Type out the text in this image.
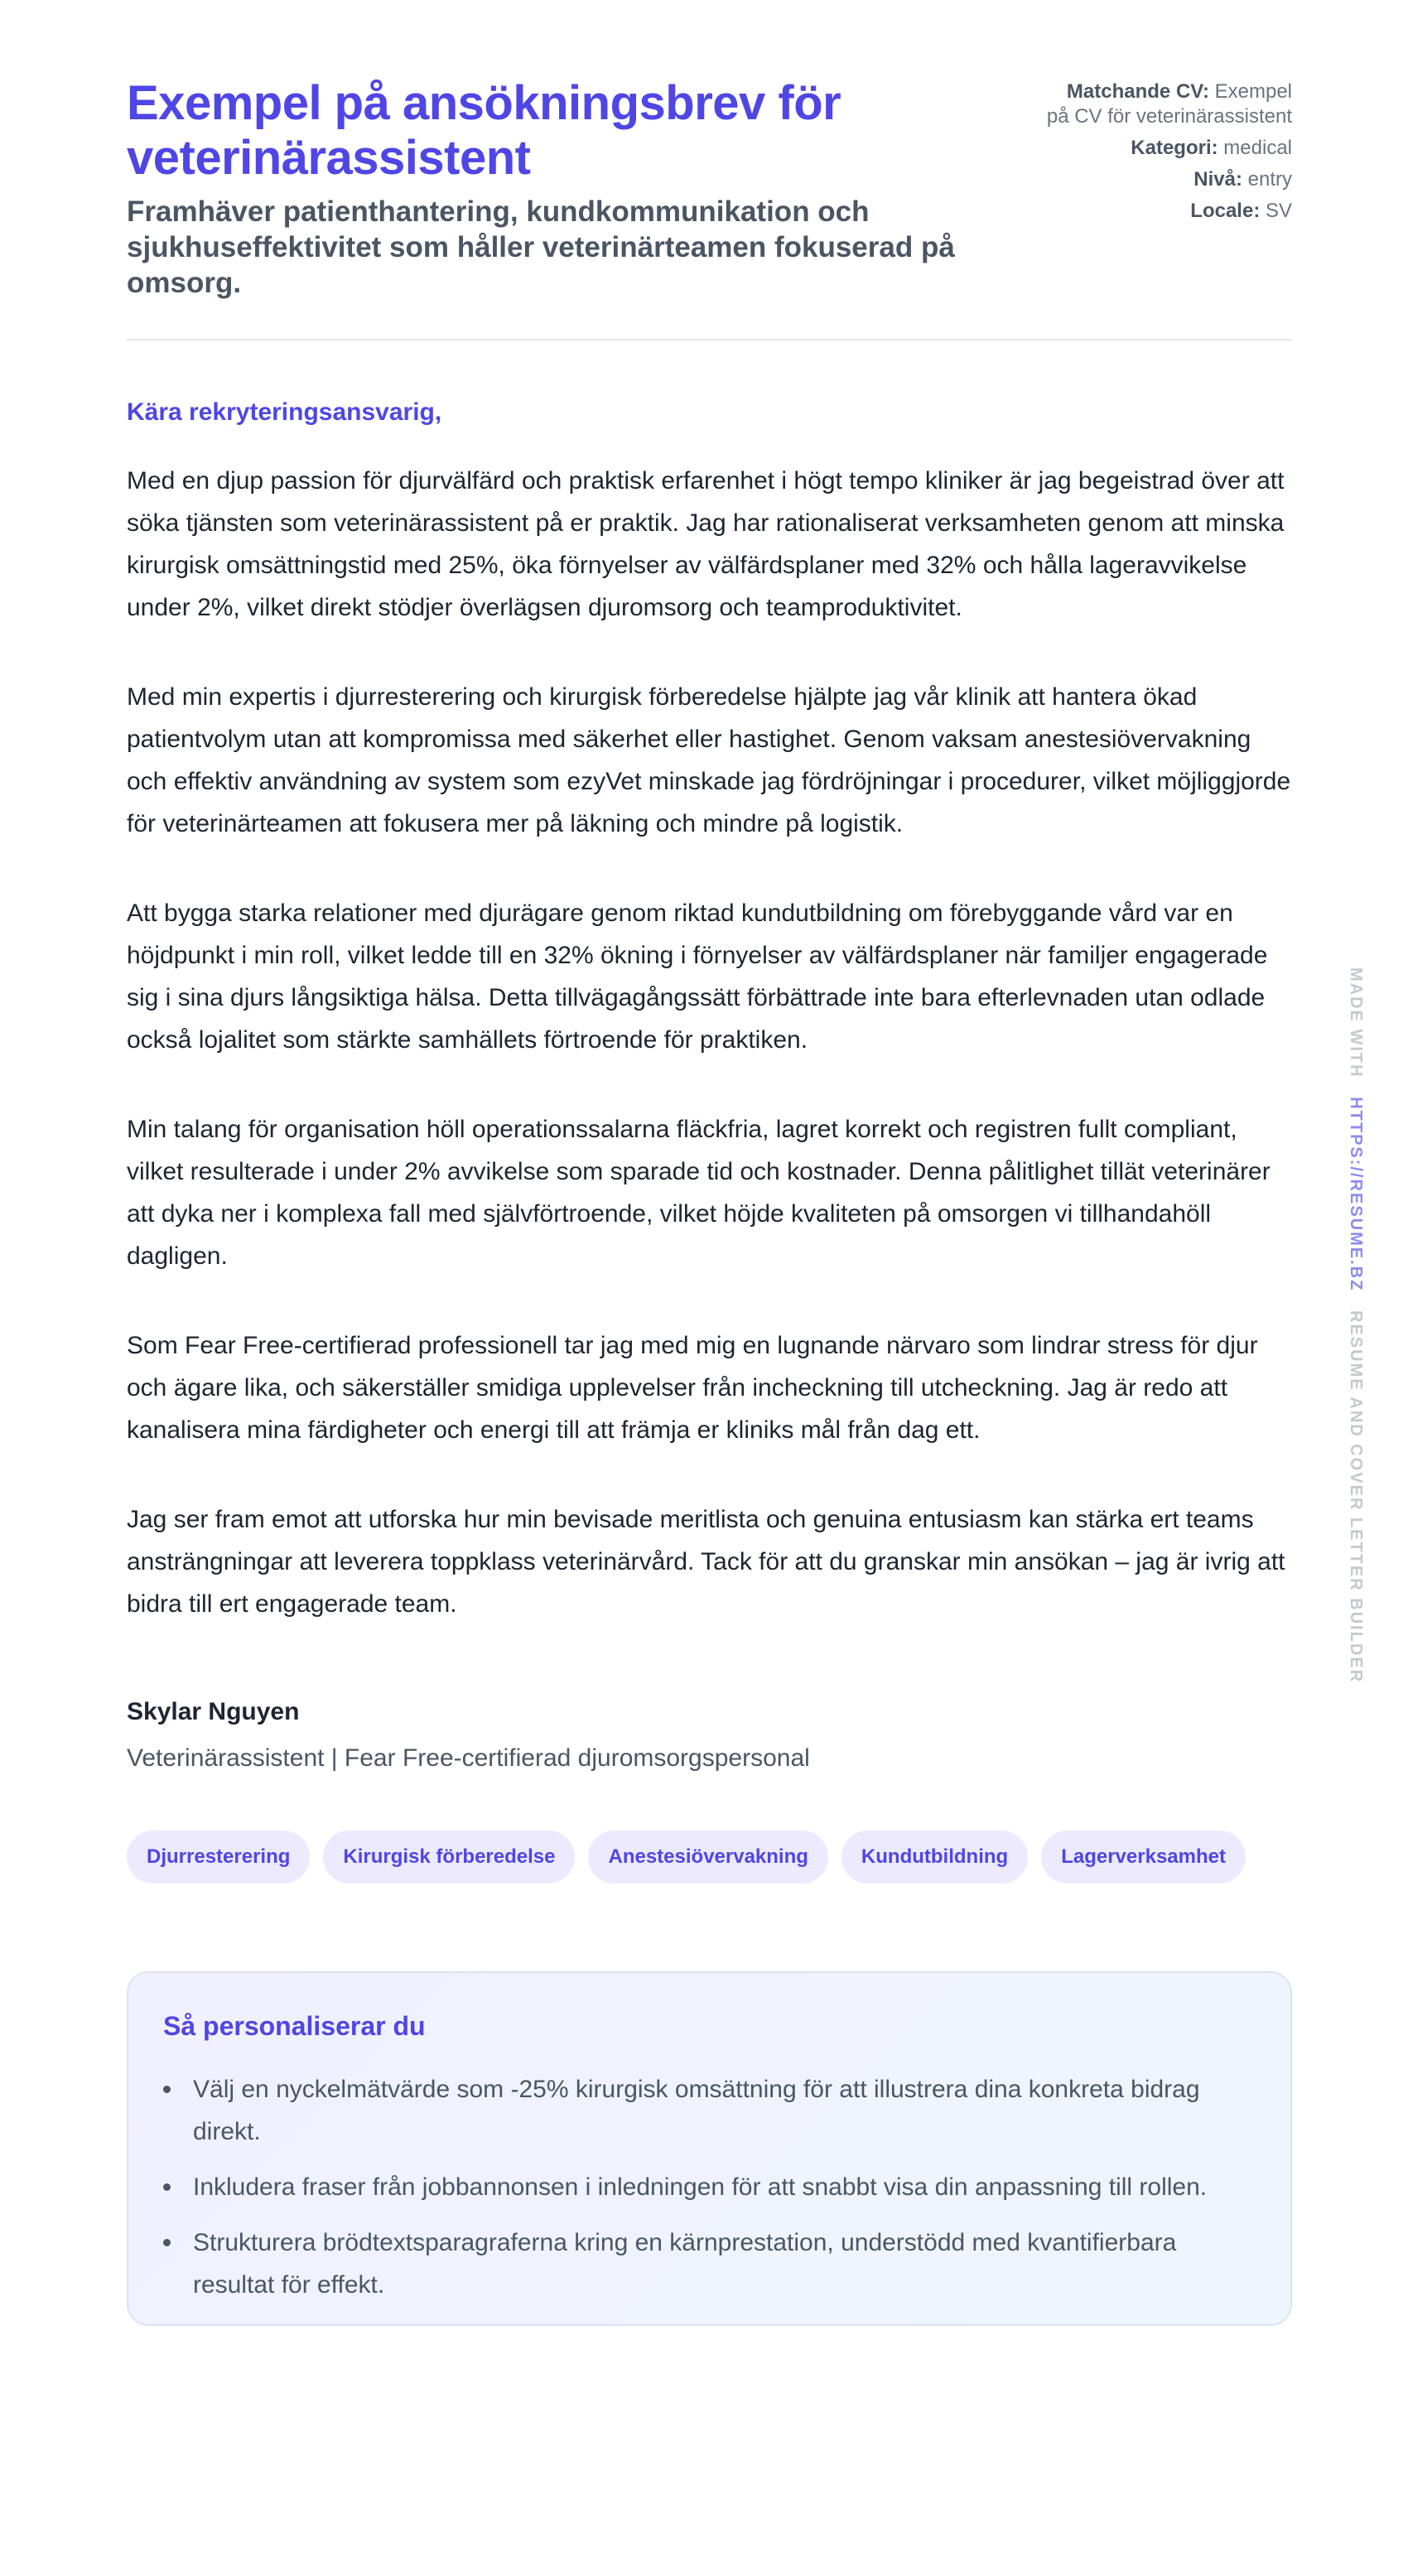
Exempel på ansökningsbrev för veterinärassistent

Framhäver patienthantering, kundkommunikation och sjukhuseffektivitet som håller veterinärteamen fokuserad på omsorg.

Matchande CV: Exempel på CV för veterinärassistent
Kategori: medical
Nivå: entry
Locale: SV
Kära rekryteringsansvarig,

Med en djup passion för djurvälfärd och praktisk erfarenhet i högt tempo kliniker är jag begeistrad över att söka tjänsten som veterinärassistent på er praktik. Jag har rationaliserat verksamheten genom att minska kirurgisk omsättningstid med 25%, öka förnyelser av välfärdsplaner med 32% och hålla lageravvikelse under 2%, vilket direkt stödjer överlägsen djuromsorg och teamproduktivitet.

Med min expertis i djurresterering och kirurgisk förberedelse hjälpte jag vår klinik att hantera ökad patientvolym utan att kompromissa med säkerhet eller hastighet. Genom vaksam anestesiövervakning och effektiv användning av system som ezyVet minskade jag fördröjningar i procedurer, vilket möjliggjorde för veterinärteamen att fokusera mer på läkning och mindre på logistik.

Att bygga starka relationer med djurägare genom riktad kundutbildning om förebyggande vård var en höjdpunkt i min roll, vilket ledde till en 32% ökning i förnyelser av välfärdsplaner när familjer engagerade sig i sina djurs långsiktiga hälsa. Detta tillvägagångssätt förbättrade inte bara efterlevnaden utan odlade också lojalitet som stärkte samhällets förtroende för praktiken.

Min talang för organisation höll operationssalarna fläckfria, lagret korrekt och registren fullt compliant, vilket resulterade i under 2% avvikelse som sparade tid och kostnader. Denna pålitlighet tillät veterinärer att dyka ner i komplexa fall med självförtroende, vilket höjde kvaliteten på omsorgen vi tillhandahöll dagligen.

Som Fear Free-certifierad professionell tar jag med mig en lugnande närvaro som lindrar stress för djur och ägare lika, och säkerställer smidiga upplevelser från incheckning till utcheckning. Jag är redo att kanalisera mina färdigheter och energi till att främja er kliniks mål från dag ett.

Jag ser fram emot att utforska hur min bevisade meritlista och genuina entusiasm kan stärka ert teams ansträngningar att leverera toppklass veterinärvård. Tack för att du granskar min ansökan – jag är ivrig att bidra till ert engagerade team.

Skylar Nguyen
Veterinärassistent | Fear Free-certifierad djuromsorgspersonal
Djurresterering	Kirurgisk förberedelse	Anestesiövervakning	Kundutbildning	Lagerverksamhet
Så personaliserar du
Välj en nyckelmätvärde som -25% kirurgisk omsättning för att illustrera dina konkreta bidrag direkt.
Inkludera fraser från jobbannonsen i inledningen för att snabbt visa din anpassning till rollen.
Strukturera brödtextsparagraferna kring en kärnprestation, understödd med kvantifierbara resultat för effekt.
MADE WITH   HTTPS://RESUME.BZ   RESUME AND COVER LETTER BUILDER
